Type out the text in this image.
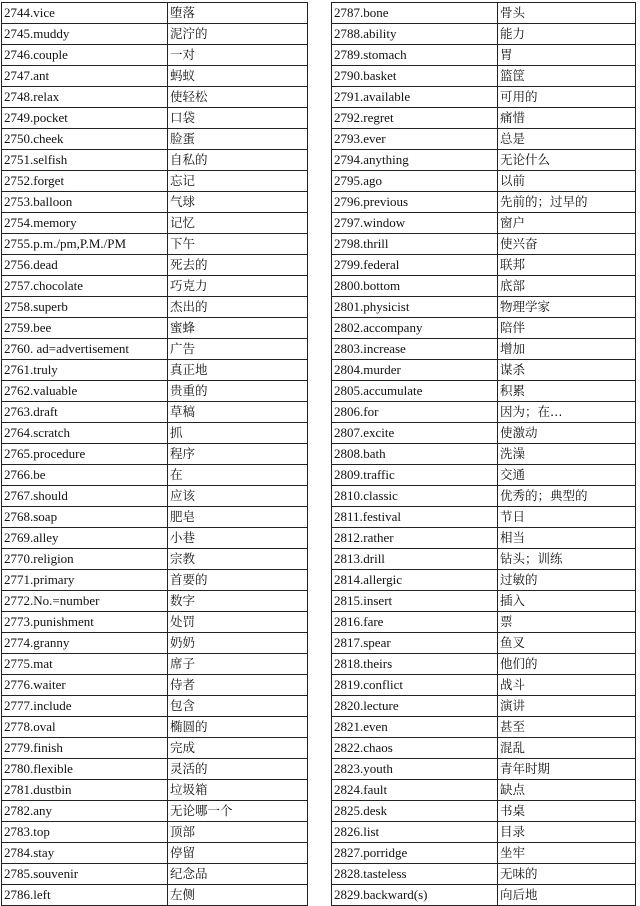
2744.vice	堕落
2745.muddy	泥泞的
2746.couple	一对
2747.ant	蚂蚁
2748.relax	使轻松
2749.pocket	口袋
2750.cheek	脸蛋
2751.selfish	自私的
2752.forget	忘记
2753.balloon	气球
2754.memory	记忆
2755.p.m./pm,P.M./PM	下午
2756.dead	死去的
2757.chocolate	巧克力
2758.superb	杰出的
2759.bee	蜜蜂
2760. ad=advertisement	广告
2761.truly	真正地
2762.valuable	贵重的
2763.draft	草稿
2764.scratch	抓
2765.procedure	程序
2766.be	在
2767.should	应该
2768.soap	肥皂
2769.alley	小巷
2770.religion	宗教
2771.primary	首要的
2772.No.=number	数字
2773.punishment	处罚
2774.granny	奶奶
2775.mat	席子
2776.waiter	侍者
2777.include	包含
2778.oval	椭圆的
2779.finish	完成
2780.flexible	灵活的
2781.dustbin	垃圾箱
2782.any	无论哪一个
2783.top	顶部
2784.stay	停留
2785.souvenir	纪念品
2786.left	左侧
2787.bone	骨头
2788.ability	能力
2789.stomach	胃
2790.basket	篮筐
2791.available	可用的
2792.regret	痛惜
2793.ever	总是
2794.anything	无论什么
2795.ago	以前
2796.previous	先前的；过早的
2797.window	窗户
2798.thrill	使兴奋
2799.federal	联邦
2800.bottom	底部
2801.physicist	物理学家
2802.accompany	陪伴
2803.increase	增加
2804.murder	谋杀
2805.accumulate	积累
2806.for	因为；在…
2807.excite	使激动
2808.bath	洗澡
2809.traffic	交通
2810.classic	优秀的；典型的
2811.festival	节日
2812.rather	相当
2813.drill	钻头；训练
2814.allergic	过敏的
2815.insert	插入
2816.fare	票
2817.spear	鱼叉
2818.theirs	他们的
2819.conflict	战斗
2820.lecture	演讲
2821.even	甚至
2822.chaos	混乱
2823.youth	青年时期
2824.fault	缺点
2825.desk	书桌
2826.list	目录
2827.porridge	坐牢
2828.tasteless	无味的
2829.backward(s)	向后地
